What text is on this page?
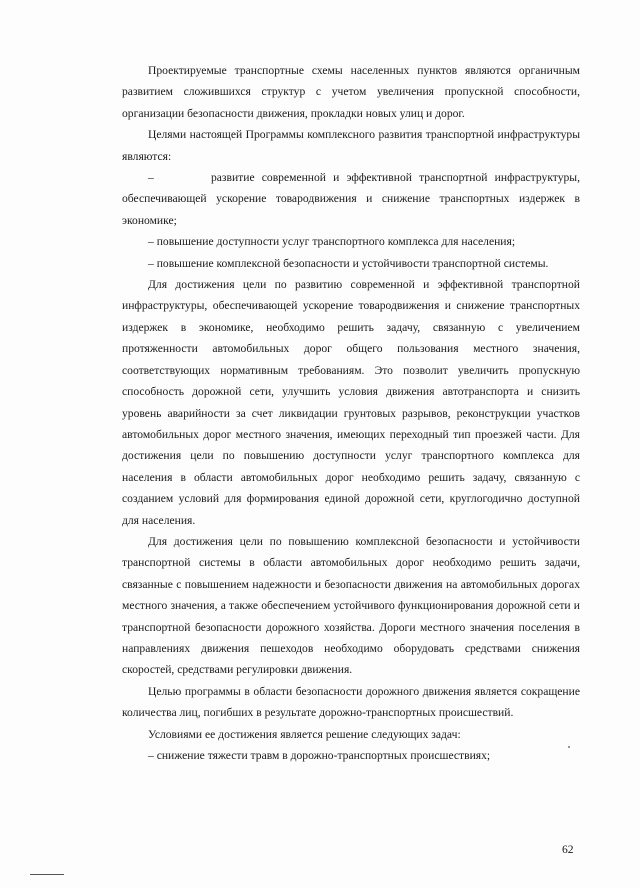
Проектируемые транспортные схемы населенных пунктов являются органичным развитием сложившихся структур с учетом увеличения пропускной способности, организации безопасности движения, прокладки новых улиц и дорог.

Целями настоящей Программы комплексного развития транспортной инфраструктуры являются:

–        развитие современной и эффективной транспортной инфраструктуры, обеспечивающей ускорение товародвижения и снижение транспортных издержек в экономике;

– повышение доступности услуг транспортного комплекса для населения;

– повышение комплексной безопасности и устойчивости транспортной системы.

Для достижения цели по развитию современной и эффективной транспортной инфраструктуры, обеспечивающей ускорение товародвижения и снижение транспортных издержек в экономике, необходимо решить задачу, связанную с увеличением протяженности автомобильных дорог общего пользования местного значения, соответствующих нормативным требованиям. Это позволит увеличить пропускную способность дорожной сети, улучшить условия движения автотранспорта и снизить уровень аварийности за счет ликвидации грунтовых разрывов, реконструкции участков автомобильных дорог местного значения, имеющих переходный тип проезжей части. Для достижения цели по повышению доступности услуг транспортного комплекса для населения в области автомобильных дорог необходимо решить задачу, связанную с созданием условий для формирования единой дорожной сети, круглогодично доступной для населения.

Для достижения цели по повышению комплексной безопасности и устойчивости транспортной системы в области автомобильных дорог необходимо решить задачи, связанные с повышением надежности и безопасности движения на автомобильных дорогах местного значения, а также обеспечением устойчивого функционирования дорожной сети и транспортной безопасности дорожного хозяйства. Дороги местного значения поселения в направлениях движения пешеходов необходимо оборудовать средствами снижения скоростей, средствами регулировки движения.

Целью программы в области безопасности дорожного движения является сокращение количества лиц, погибших в результате дорожно-транспортных происшествий.

Условиями ее достижения является решение следующих задач:

– снижение тяжести травм в дорожно-транспортных происшествиях;

62
